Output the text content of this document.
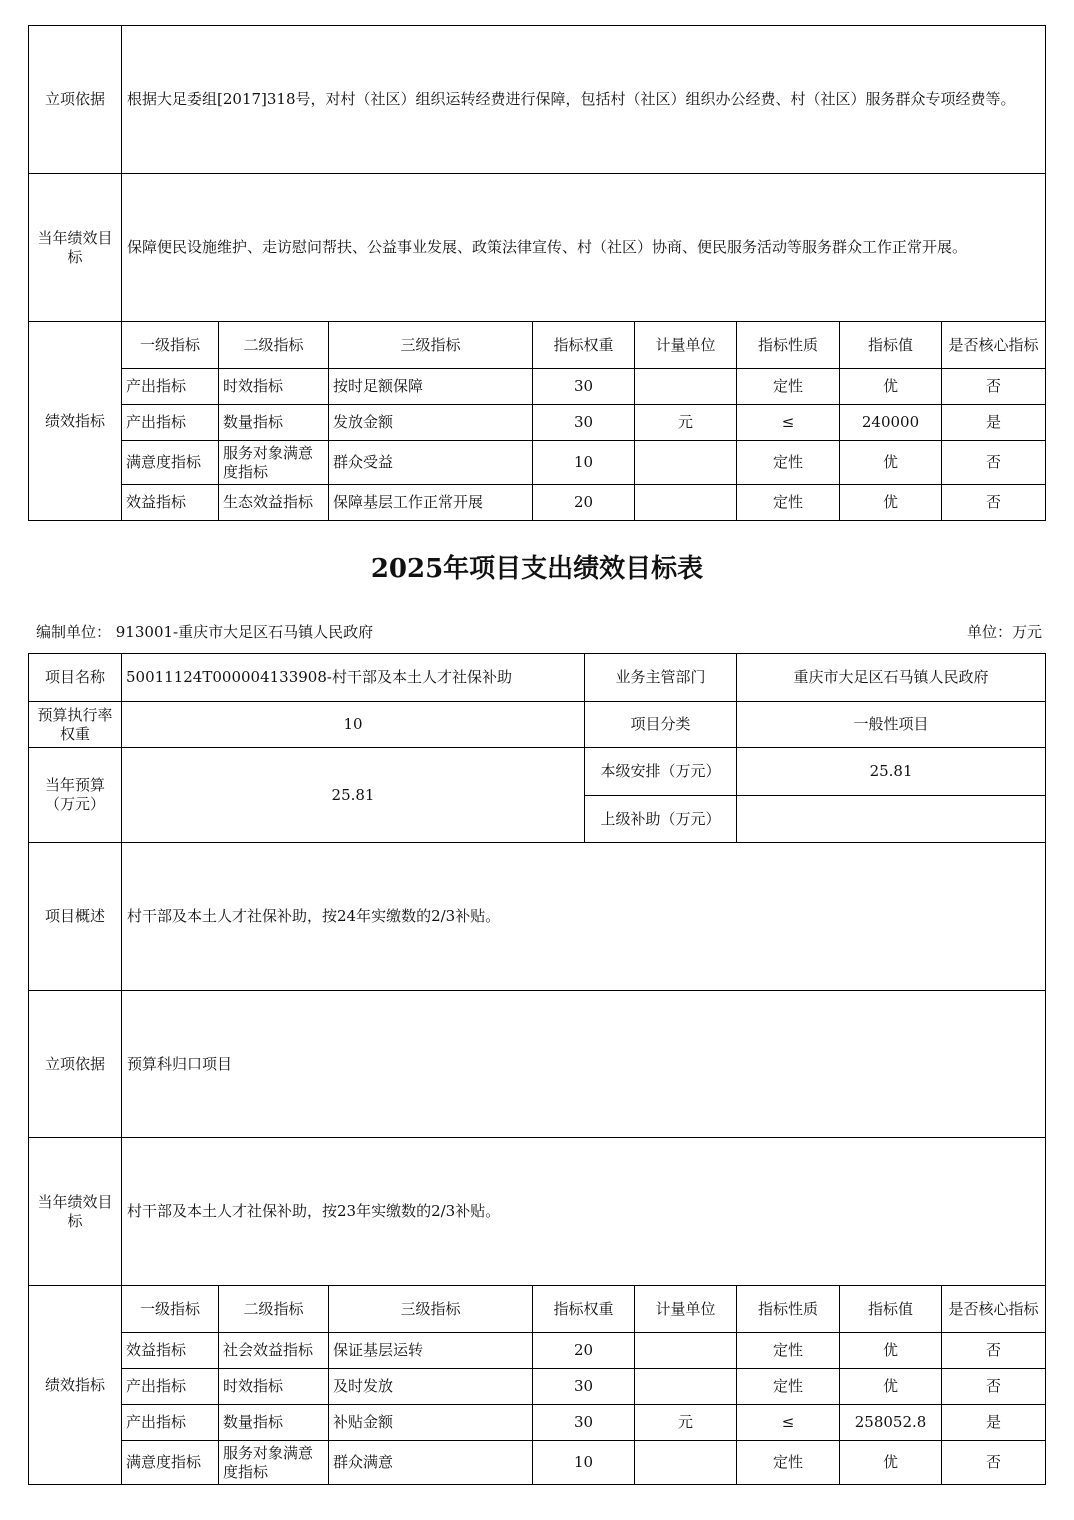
立项依据	根据大足委组[2017]318号，对村（社区）组织运转经费进行保障，包括村（社区）组织办公经费、村（社区）服务群众专项经费等。							
当年绩效目标	保障便民设施维护、走访慰问帮扶、公益事业发展、政策法律宣传、村（社区）协商、便民服务活动等服务群众工作正常开展。							
绩效指标	一级指标	二级指标	三级指标	指标权重	计量单位	指标性质	指标值	是否核心指标
	产出指标	时效指标	按时足额保障	30		定性	优	否
	产出指标	数量指标	发放金额	30	元	≤	240000	是
	满意度指标	服务对象满意度指标	群众受益	10		定性	优	否
	效益指标	生态效益指标	保障基层工作正常开展	20		定性	优	否
2025年项目支出绩效目标表
编制单位： 913001-重庆市大足区石马镇人民政府	单位：万元
项目名称	50011124T000004133908-村干部及本土人才社保补助				业务主管部门		重庆市大足区石马镇人民政府		
预算执行率权重	10				项目分类		一般性项目		
当年预算（万元）	25.81				本级安排（万元）		25.81		
					上级补助（万元）				
项目概述	村干部及本土人才社保补助，按24年实缴数的2/3补贴。								
立项依据	预算科归口项目								
当年绩效目标	村干部及本土人才社保补助，按23年实缴数的2/3补贴。								
绩效指标	一级指标	二级指标	三级指标	指标权重		计量单位	指标性质	指标值	是否核心指标
	效益指标	社会效益指标	保证基层运转	20			定性	优	否
	产出指标	时效指标	及时发放	30			定性	优	否
	产出指标	数量指标	补贴金额	30		元	≤	258052.8	是
	满意度指标	服务对象满意度指标	群众满意	10			定性	优	否
